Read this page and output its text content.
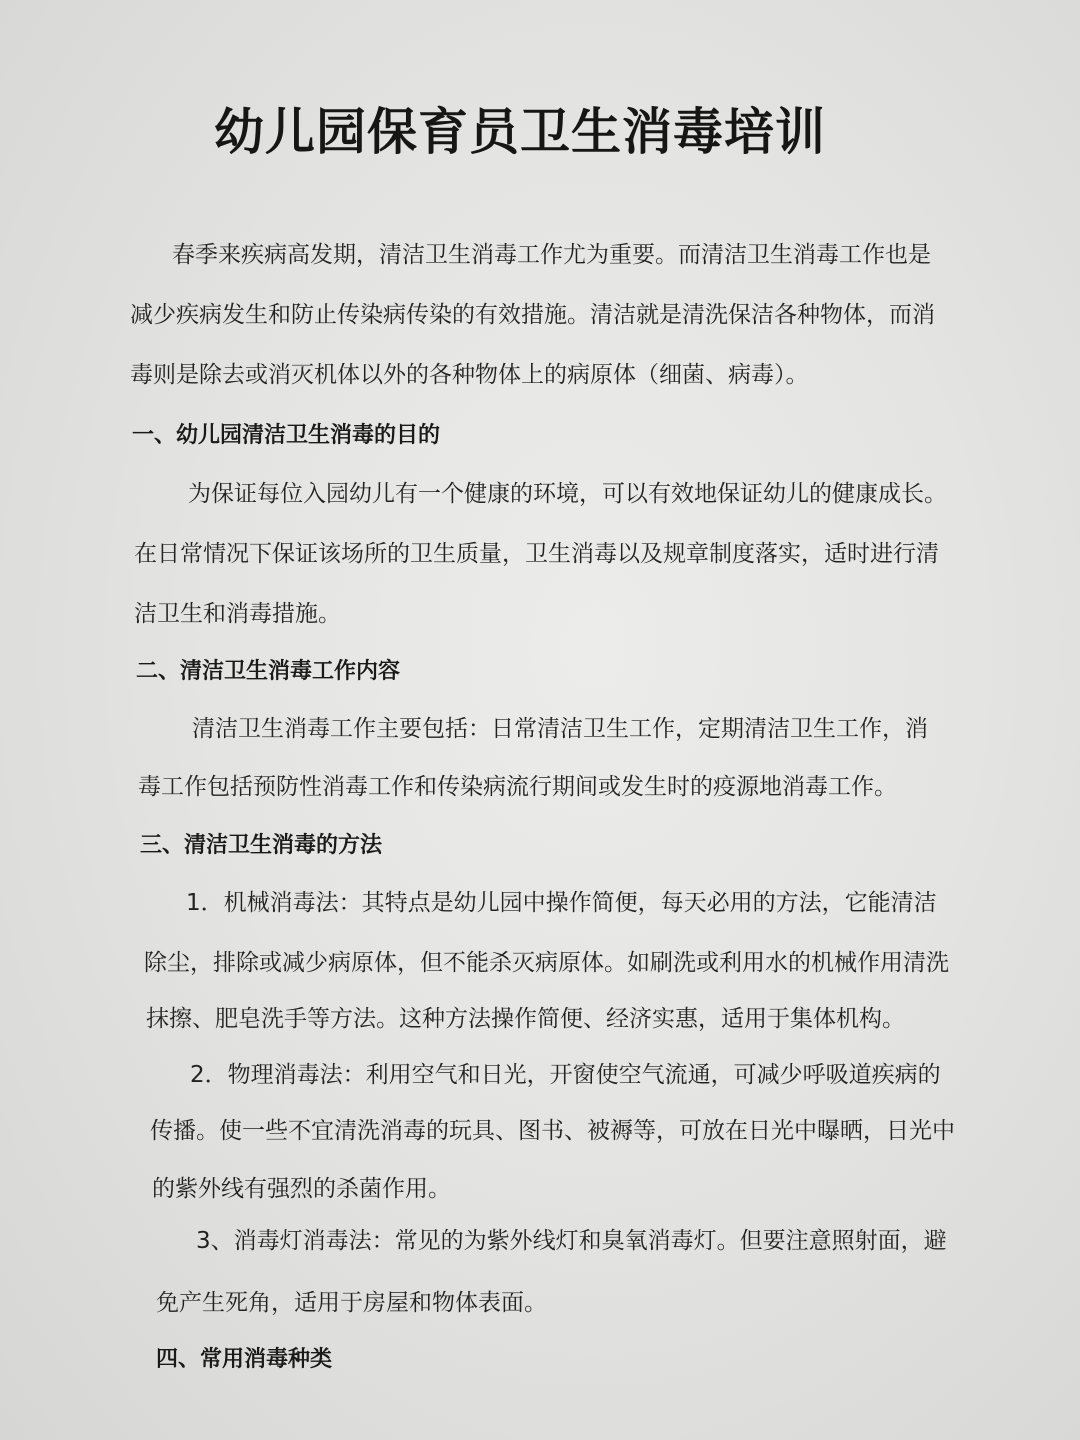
幼儿园保育员卫生消毒培训
春季来疾病高发期，清洁卫生消毒工作尤为重要。而清洁卫生消毒工作也是
减少疾病发生和防止传染病传染的有效措施。清洁就是清洗保洁各种物体，而消
毒则是除去或消灭机体以外的各种物体上的病原体（细菌、病毒）。
一、幼儿园清洁卫生消毒的目的
为保证每位入园幼儿有一个健康的环境，可以有效地保证幼儿的健康成长。
在日常情况下保证该场所的卫生质量，卫生消毒以及规章制度落实，适时进行清
洁卫生和消毒措施。
二、清洁卫生消毒工作内容
清洁卫生消毒工作主要包括：日常清洁卫生工作，定期清洁卫生工作，消
毒工作包括预防性消毒工作和传染病流行期间或发生时的疫源地消毒工作。
三、清洁卫生消毒的方法
1．机械消毒法：其特点是幼儿园中操作简便，每天必用的方法，它能清洁
除尘，排除或减少病原体，但不能杀灭病原体。如刷洗或利用水的机械作用清洗
抹擦、肥皂洗手等方法。这种方法操作简便、经济实惠，适用于集体机构。
2．物理消毒法：利用空气和日光，开窗使空气流通，可减少呼吸道疾病的
传播。使一些不宜清洗消毒的玩具、图书、被褥等，可放在日光中曝晒，日光中
的紫外线有强烈的杀菌作用。
3、消毒灯消毒法：常见的为紫外线灯和臭氧消毒灯。但要注意照射面，避
免产生死角，适用于房屋和物体表面。
四、常用消毒种类
